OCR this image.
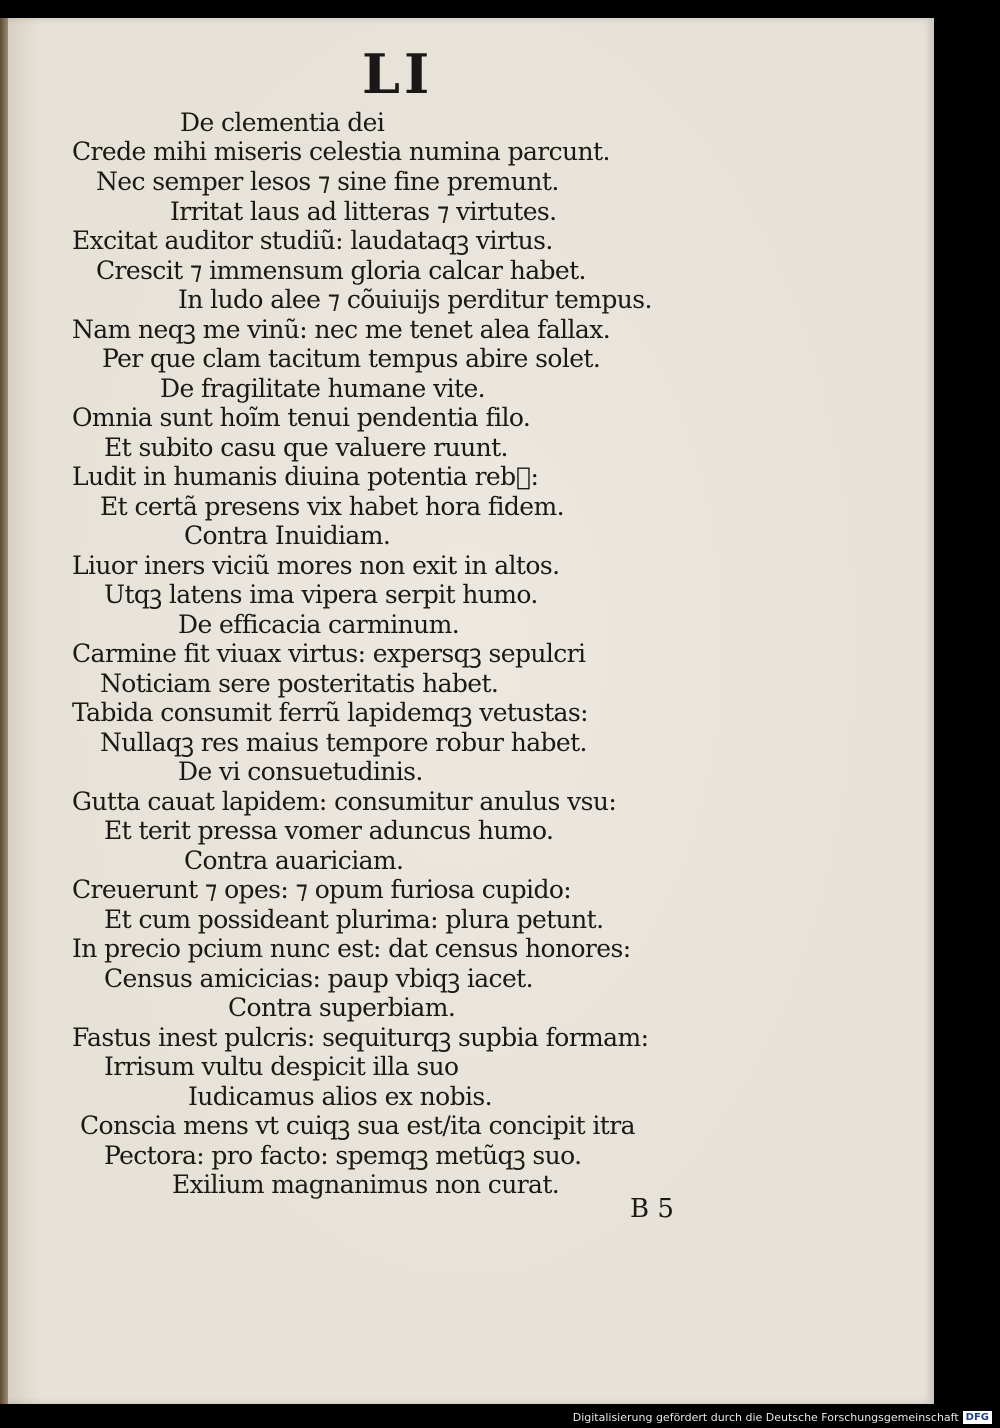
LI
De clementia dei
Crede mihi miseris celestia numina parcunt.
Nec semper lesos ⁊ sine fine premunt.
Irritat laus ad litteras ⁊ virtutes.
Excitat auditor studiũ: laudataqꝫ virtus.
Crescit ⁊ immensum gloria calcar habet.
In ludo alee ⁊ cõuiuijs perditur tempus.
Nam neqꝫ me vinũ: nec me tenet alea fallax.
Per que clam tacitum tempus abire solet.
De fragilitate humane vite.
Omnia sunt hoĩm tenui pendentia filo.
Et subito casu que valuere ruunt.
Ludit in humanis diuina potentia reb᷒:
Et certã presens vix habet hora fidem.
Contra Inuidiam.
Liuor iners viciũ mores non exit in altos.
Utqꝫ latens ima vipera serpit humo.
De efficacia carminum.
Carmine fit viuax virtus: expersqꝫ sepulcri
Noticiam sere posteritatis habet.
Tabida consumit ferrũ lapidemqꝫ vetustas:
Nullaqꝫ res maius tempore robur habet.
De vi consuetudinis.
Gutta cauat lapidem: consumitur anulus vsu:
Et terit pressa vomer aduncus humo.
Contra auariciam.
Creuerunt ⁊ opes: ⁊ opum furiosa cupido:
Et cum possideant plurima: plura petunt.
In precio pcium nunc est: dat census honores:
Census amicicias: paup vbiqꝫ iacet.
Contra superbiam.
Fastus inest pulcris: sequiturqꝫ supbia formam:
Irrisum vultu despicit illa suo
Iudicamus alios ex nobis.
Conscia mens vt cuiqꝫ sua est/ita concipit itra
Pectora: pro facto: spemqꝫ metũqꝫ suo.
Exilium magnanimus non curat.
B 5
Digitalisierung gefördert durch die Deutsche Forschungsgemeinschaft DFG
